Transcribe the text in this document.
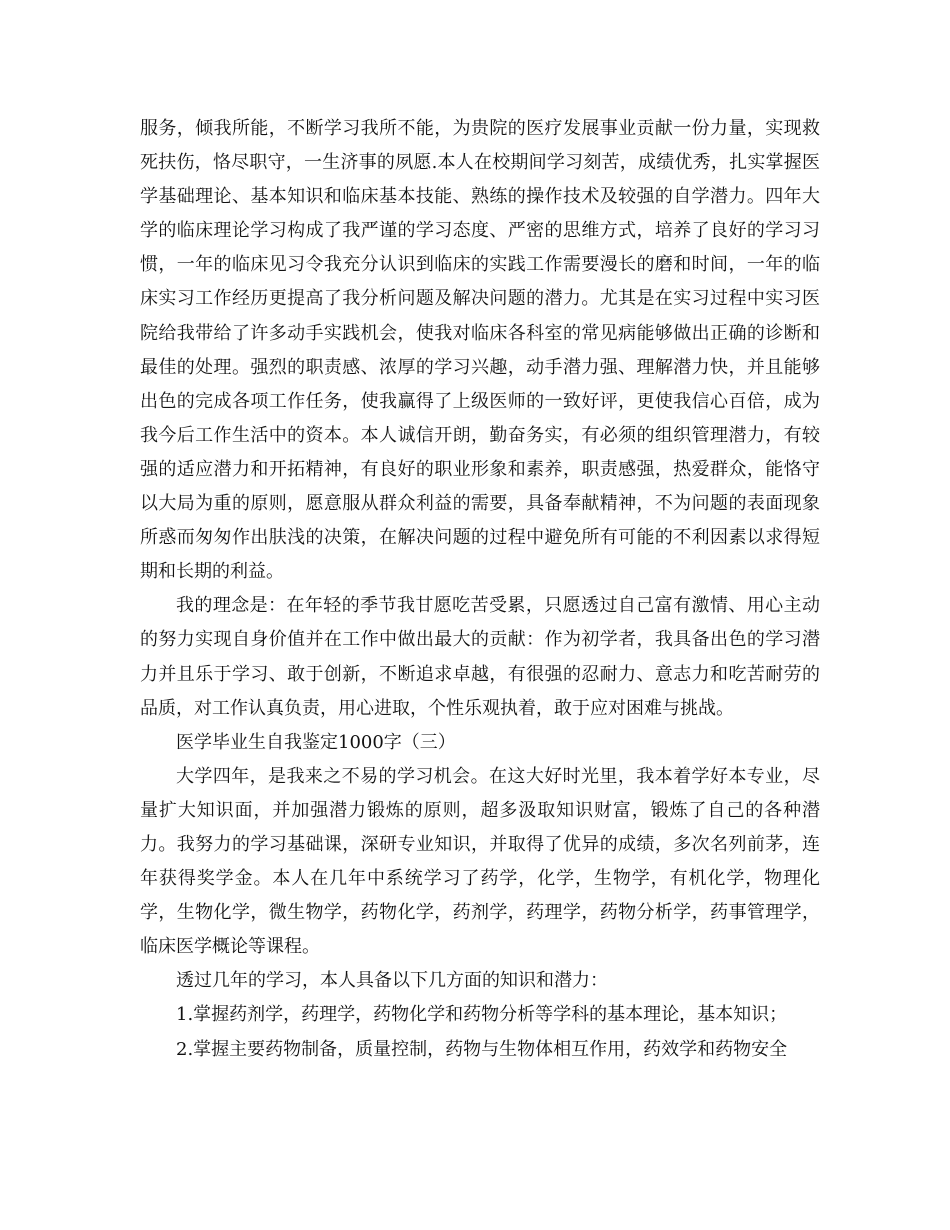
服务，倾我所能，不断学习我所不能，为贵院的医疗发展事业贡献一份力量，实现救死扶伤，恪尽职守，一生济事的夙愿.本人在校期间学习刻苦，成绩优秀，扎实掌握医学基础理论、基本知识和临床基本技能、熟练的操作技术及较强的自学潜力。四年大学的临床理论学习构成了我严谨的学习态度、严密的思维方式，培养了良好的学习习惯，一年的临床见习令我充分认识到临床的实践工作需要漫长的磨和时间，一年的临床实习工作经历更提高了我分析问题及解决问题的潜力。尤其是在实习过程中实习医院给我带给了许多动手实践机会，使我对临床各科室的常见病能够做出正确的诊断和最佳的处理。强烈的职责感、浓厚的学习兴趣，动手潜力强、理解潜力快，并且能够出色的完成各项工作任务，使我赢得了上级医师的一致好评，更使我信心百倍，成为我今后工作生活中的资本。本人诚信开朗，勤奋务实，有必须的组织管理潜力，有较强的适应潜力和开拓精神，有良好的职业形象和素养，职责感强，热爱群众，能恪守以大局为重的原则，愿意服从群众利益的需要，具备奉献精神，不为问题的表面现象所惑而匆匆作出肤浅的决策，在解决问题的过程中避免所有可能的不利因素以求得短期和长期的利益。

我的理念是：在年轻的季节我甘愿吃苦受累，只愿透过自己富有激情、用心主动的努力实现自身价值并在工作中做出最大的贡献：作为初学者，我具备出色的学习潜力并且乐于学习、敢于创新，不断追求卓越，有很强的忍耐力、意志力和吃苦耐劳的品质，对工作认真负责，用心进取，个性乐观执着，敢于应对困难与挑战。

医学毕业生自我鉴定1000字（三）

大学四年，是我来之不易的学习机会。在这大好时光里，我本着学好本专业，尽量扩大知识面，并加强潜力锻炼的原则，超多汲取知识财富，锻炼了自己的各种潜力。我努力的学习基础课，深研专业知识，并取得了优异的成绩，多次名列前茅，连年获得奖学金。本人在几年中系统学习了药学，化学，生物学，有机化学，物理化学，生物化学，微生物学，药物化学，药剂学，药理学，药物分析学，药事管理学，临床医学概论等课程。

透过几年的学习，本人具备以下几方面的知识和潜力：

1.掌握药剂学，药理学，药物化学和药物分析等学科的基本理论，基本知识；

2.掌握主要药物制备，质量控制，药物与生物体相互作用，药效学和药物安全
